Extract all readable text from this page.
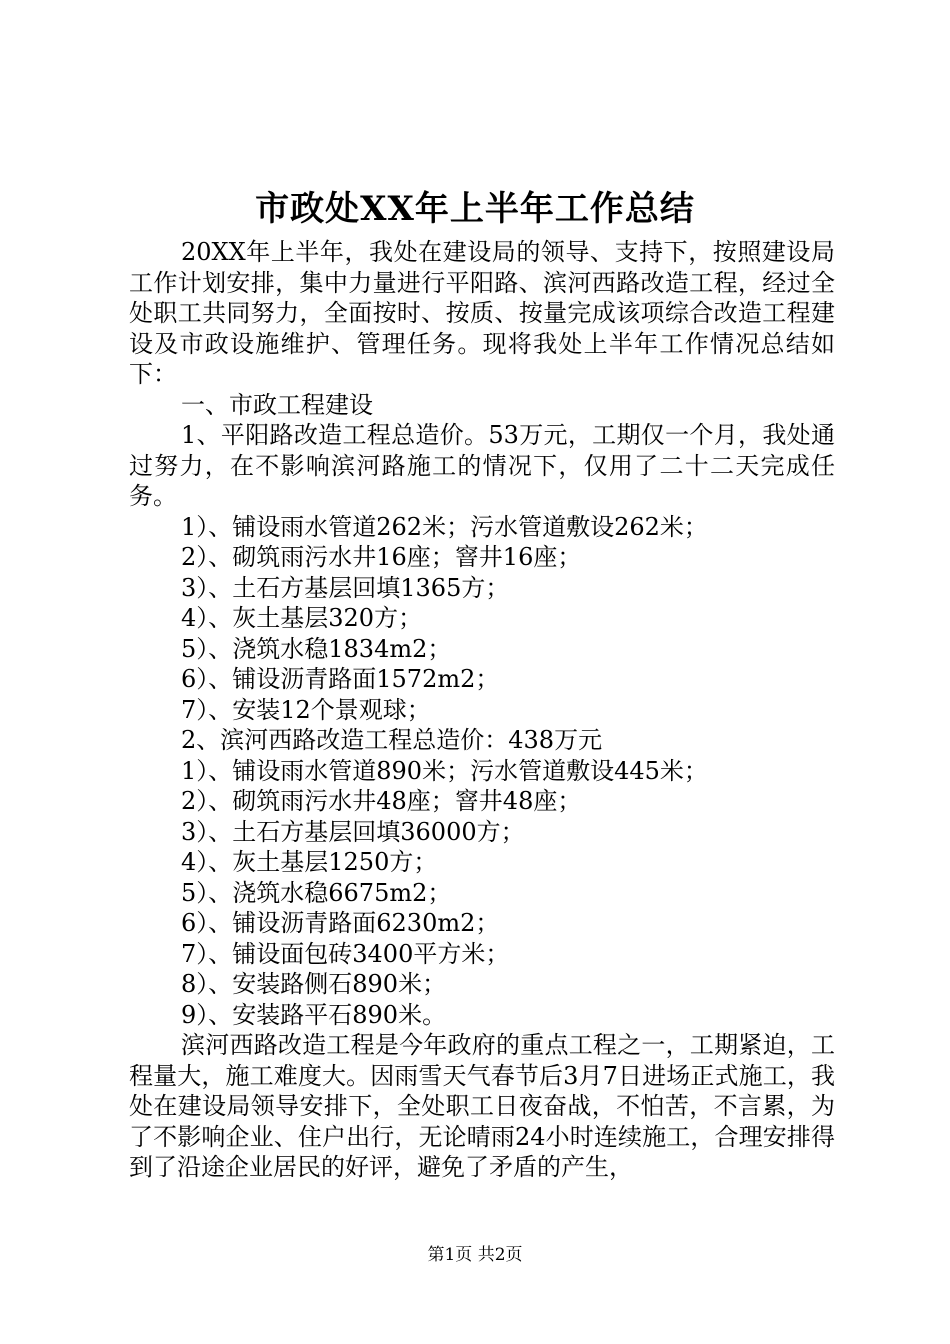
市政处XX年上半年工作总结

20XX年上半年，我处在建设局的领导、支持下，按照建设局工作计划安排，集中力量进行平阳路、滨河西路改造工程，经过全处职工共同努力，全面按时、按质、按量完成该项综合改造工程建设及市政设施维护、管理任务。现将我处上半年工作情况总结如下：

一、市政工程建设

1、平阳路改造工程总造价。53万元，工期仅一个月，我处通过努力，在不影响滨河路施工的情况下，仅用了二十二天完成任务。

1）、铺设雨水管道262米；污水管道敷设262米；

2）、砌筑雨污水井16座；窨井16座；

3）、土石方基层回填1365方；

4）、灰土基层320方；

5）、浇筑水稳1834m2；

6）、铺设沥青路面1572m2；

7）、安装12个景观球；

2、滨河西路改造工程总造价：438万元

1）、铺设雨水管道890米；污水管道敷设445米；

2）、砌筑雨污水井48座；窨井48座；

3）、土石方基层回填36000方；

4）、灰土基层1250方；

5）、浇筑水稳6675m2；

6）、铺设沥青路面6230m2；

7）、铺设面包砖3400平方米；

8）、安装路侧石890米；

9）、安装路平石890米。

滨河西路改造工程是今年政府的重点工程之一，工期紧迫，工程量大，施工难度大。因雨雪天气春节后3月7日进场正式施工，我处在建设局领导安排下，全处职工日夜奋战，不怕苦，不言累，为了不影响企业、住户出行，无论晴雨24小时连续施工，合理安排得到了沿途企业居民的好评，避免了矛盾的产生，

第1页 共2页
